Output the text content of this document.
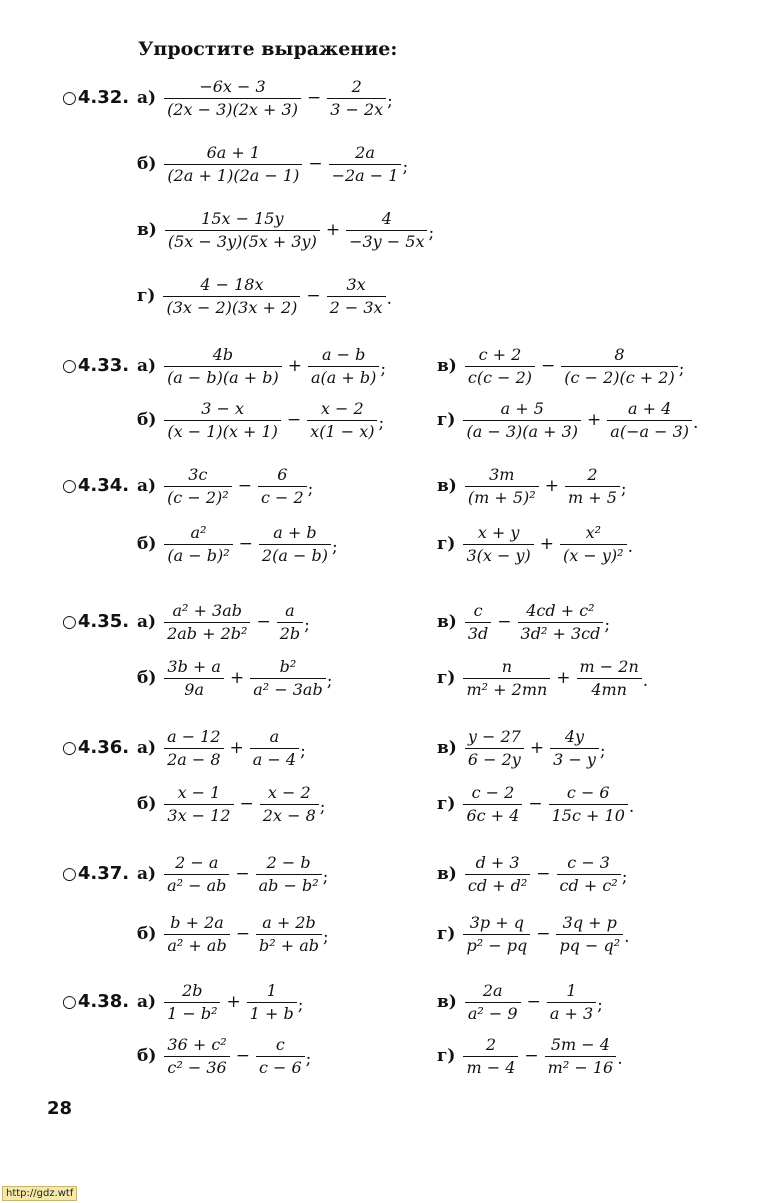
Упростите выражение:
○4.32. $а) \frac{-6x - 3}{(2x - 3)(2x + 3)} - \frac{2}{3 - 2x}$ ;
$б) \frac{6a + 1}{(2a + 1)(2a - 1)} - \frac{2a}{-2a - 1}$ ;
$в) \frac{15x - 15y}{(5x - 3y)(5x + 3y)} + \frac{4}{-3y - 5x}$ ;
$г) \frac{4 - 18x}{(3x - 2)(3x + 2)} - \frac{3x}{2 - 3x}$ .
○4.33. $а) \frac{4b}{(a - b)(a + b)} + \frac{a - b}{a(a + b)}$ ;	$в) \frac{c + 2}{c(c - 2)} - \frac{8}{(c - 2)(c + 2)}$ ;
$б) \frac{3 - x}{(x - 1)(x + 1)} - \frac{x - 2}{x(1 - x)}$ ;	$г) \frac{a + 5}{(a - 3)(a + 3)} + \frac{a + 4}{a(-a - 3)}$ .
○4.34. $а) \frac{3c}{\text{(c − 2)²}} - \frac{6}{c - 2}$ ;	$в) \frac{3m}{\text{(m + 5)²}} + \frac{2}{m + 5}$ ;
$б) \frac{\text{a²}}{\text{(a − b)²}} - \frac{a + b}{2(a - b)}$ ;	$г) \frac{x + y}{3(x - y)} + \frac{\text{x²}}{\text{(x − y)²}}$ .
○4.35. $а) \frac{\text{a² + 3ab}}{\text{2ab + 2b²}} - \frac{a}{2b}$ ;	$в) \frac{c}{3d} - \frac{\text{4cd + c²}}{\text{3d² + 3cd}}$ ;
$б) \frac{3b + a}{9a} + \frac{\text{b²}}{\text{a² − 3ab}}$ ;	$г) \frac{n}{\text{m² + 2mn}} + \frac{m - 2n}{4mn}$ .
○4.36. $а) \frac{a - 12}{2a - 8} + \frac{a}{a - 4}$ ;	$в) \frac{y - 27}{6 - 2y} + \frac{4y}{3 - y}$ ;
$б) \frac{x - 1}{3x - 12} - \frac{x - 2}{2x - 8}$ ;	$г) \frac{c - 2}{6c + 4} - \frac{c - 6}{15c + 10}$ .
○4.37. $а) \frac{2 - a}{\text{a² − ab}} - \frac{2 - b}{\text{ab − b²}}$ ;	$в) \frac{d + 3}{\text{cd + d²}} - \frac{c - 3}{\text{cd + c²}}$ ;
$б) \frac{b + 2a}{\text{a² + ab}} - \frac{a + 2b}{\text{b² + ab}}$ ;	$г) \frac{3p + q}{\text{p² − pq}} - \frac{3q + p}{\text{pq − q²}}$ .
○4.38. $а) \frac{2b}{\text{1 − b²}} + \frac{1}{1 + b}$ ;	$в) \frac{2a}{\text{a² − 9}} - \frac{1}{a + 3}$ ;
$б) \frac{\text{36 + c²}}{\text{c² − 36}} - \frac{c}{c - 6}$ ;	$г) \frac{2}{m - 4} - \frac{5m - 4}{\text{m² − 16}}$ .
28
http://gdz.wtf
